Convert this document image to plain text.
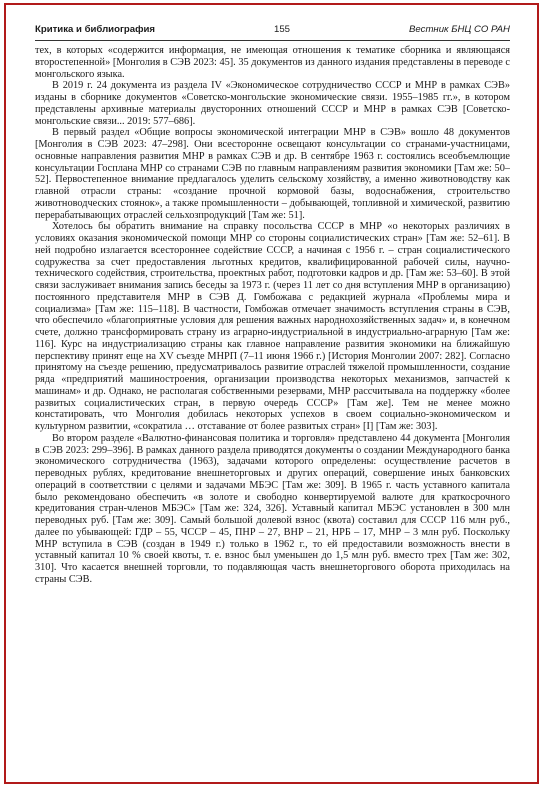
Критика и библиография	155	Вестник БНЦ СО РАН

тех, в которых «содержится информация, не имеющая отношения к тематике сборника и являющаяся второстепенной» [Монголия в СЭВ 2023: 45]. 35 документов из данного издания представлены в переводе с монгольского языка.

В 2019 г. 24 документа из раздела IV «Экономическое сотрудничество СССР и МНР в рамках СЭВ» изданы в сборнике документов «Советско-монгольские экономические связи. 1955–1985 гг.», в котором представлены архивные материалы двусторонних отношений СССР и МНР в рамках СЭВ [Советско-монгольские связи... 2019: 577–686].

В первый раздел «Общие вопросы экономической интеграции МНР в СЭВ» вошло 48 документов [Монголия в СЭВ 2023: 47–298]. Они всесторонне освещают консультации со странами-участницами, основные направления развития МНР в рамках СЭВ и др. В сентябре 1963 г. состоялись всеобъемлющие консультации Госплана МНР со странами СЭВ по главным направлениям развития экономики [Там же: 50–52]. Первостепенное внимание предлагалось уделить сельскому хозяйству, а именно животноводству как главной отрасли страны: «создание прочной кормовой базы, водоснабжения, строительство животноводческих стоянок», а также промышленности – добывающей, топливной и химической, развитию перерабатывающих отраслей сельхозпродукций [Там же: 51].

Хотелось бы обратить внимание на справку посольства СССР в МНР «о некоторых различиях в условиях оказания экономической помощи МНР со стороны социалистических стран» [Там же: 52–61]. В ней подробно излагается всестороннее содействие СССР, а начиная с 1956 г. – стран социалистического содружества за счет предоставления льготных кредитов, квалифицированной рабочей силы, научно-технического содействия, строительства, проектных работ, подготовки кадров и др. [Там же: 53–60]. В этой связи заслуживает внимания запись беседы за 1973 г. (через 11 лет со дня вступления МНР в организацию) постоянного представителя МНР в СЭВ Д. Гомбожава с редакцией журнала «Проблемы мира и социализма» [Там же: 115–118]. В частности, Гомбожав отмечает значимость вступления страны в СЭВ, что обеспечило «благоприятные условия для решения важных народнохозяйственных задач» и, в конечном счете, должно трансформировать страну из аграрно-индустриальной в индустриально-аграрную [Там же: 116]. Курс на индустриализацию страны как главное направление развития экономики на ближайшую перспективу принят еще на XV съезде МНРП (7–11 июня 1966 г.) [История Монголии 2007: 282]. Согласно принятому на съезде решению, предусматривалось развитие отраслей тяжелой промышленности, создание ряда «предприятий машиностроения, организации производства некоторых механизмов, запчастей к машинам» и др. Однако, не располагая собственными резервами, МНР рассчитывала на поддержку «более развитых социалистических стран, в первую очередь СССР» [Там же]. Тем не менее можно констатировать, что Монголия добилась некоторых успехов в своем социально-экономическом и культурном развитии, «сократила … отставание от более развитых стран» [I] [Там же: 303].

Во втором разделе «Валютно-финансовая политика и торговля» представлено 44 документа [Монголия в СЭВ 2023: 299–396]. В рамках данного раздела приводятся документы о создании Международного банка экономического сотрудничества (1963), задачами которого определены: осуществление расчетов в переводных рублях, кредитование внешнеторговых и других операций, совершение иных банковских операций в соответствии с целями и задачами МБЭС [Там же: 309]. В 1965 г. часть уставного капитала было рекомендовано обеспечить «в золоте и свободно конвертируемой валюте для краткосрочного кредитования стран-членов МБЭС» [Там же: 324, 326]. Уставный капитал МБЭС установлен в 300 млн переводных руб. [Там же: 309]. Самый большой долевой взнос (квота) составил для СССР 116 млн руб., далее по убывающей: ГДР – 55, ЧССР – 45, ПНР – 27, ВНР – 21, НРБ – 17, МНР – 3 млн руб. Поскольку МНР вступила в СЭВ (создан в 1949 г.) только в 1962 г., то ей предоставили возможность внести в уставный капитал 10 % своей квоты, т. е. взнос был уменьшен до 1,5 млн руб. вместо трех [Там же: 302, 310]. Что касается внешней торговли, то подавляющая часть внешнеторгового оборота приходилась на страны СЭВ.
